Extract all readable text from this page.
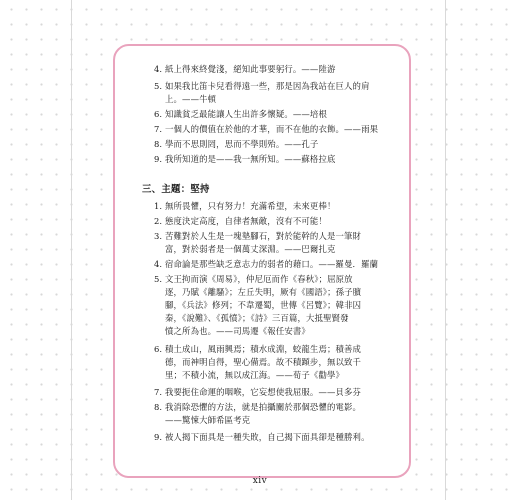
4. 紙上得來終覺淺，絕知此事要躬行。——陸游
5. 如果我比笛卡兒看得遠一些，那是因為我站在巨人的肩
上。——牛頓
6. 知識貧乏最能讓人生出許多懷疑。——培根
7. 一個人的價值在於他的才華，而不在他的衣飾。——雨果
8. 學而不思則罔，思而不學則殆。——孔子
9. 我所知道的是——我一無所知。——蘇格拉底
三、主題：堅持
1. 無所畏懼，只有努力！充滿希望，未來更棒！
2. 態度決定高度，自律者無敵，沒有不可能！
3. 苦難對於人生是一塊墊腳石，對於能幹的人是一筆財
富，對於弱者是一個萬丈深淵。——巴爾扎克
4. 宿命論是那些缺乏意志力的弱者的藉口。——羅曼．羅蘭
5. 文王拘而演《周易》，仲尼厄而作《春秋》；屈原放
逐，乃賦《離騷》；左丘失明，厥有《國語》；孫子臏
腳，《兵法》修列；不韋遷蜀，世傳《呂覽》；韓非囚
秦，《說難》、《孤憤》；《詩》三百篇，大抵聖賢發
憤之所為也。——司馬遷《報任安書》
6. 積土成山，風雨興焉；積水成淵，蛟龍生焉；積善成
德，而神明自得，聖心備焉。故不積蹞步，無以致千
里；不積小流，無以成江海。——荀子《勸學》
7. 我要扼住命運的咽喉，它妄想使我屈服。——貝多芬
8. 我消除恐懼的方法，就是拍攝關於那個恐懼的電影。
——驚悚大師希區考克
9. 被人揭下面具是一種失敗，自己揭下面具卻是種勝利。
xiv
